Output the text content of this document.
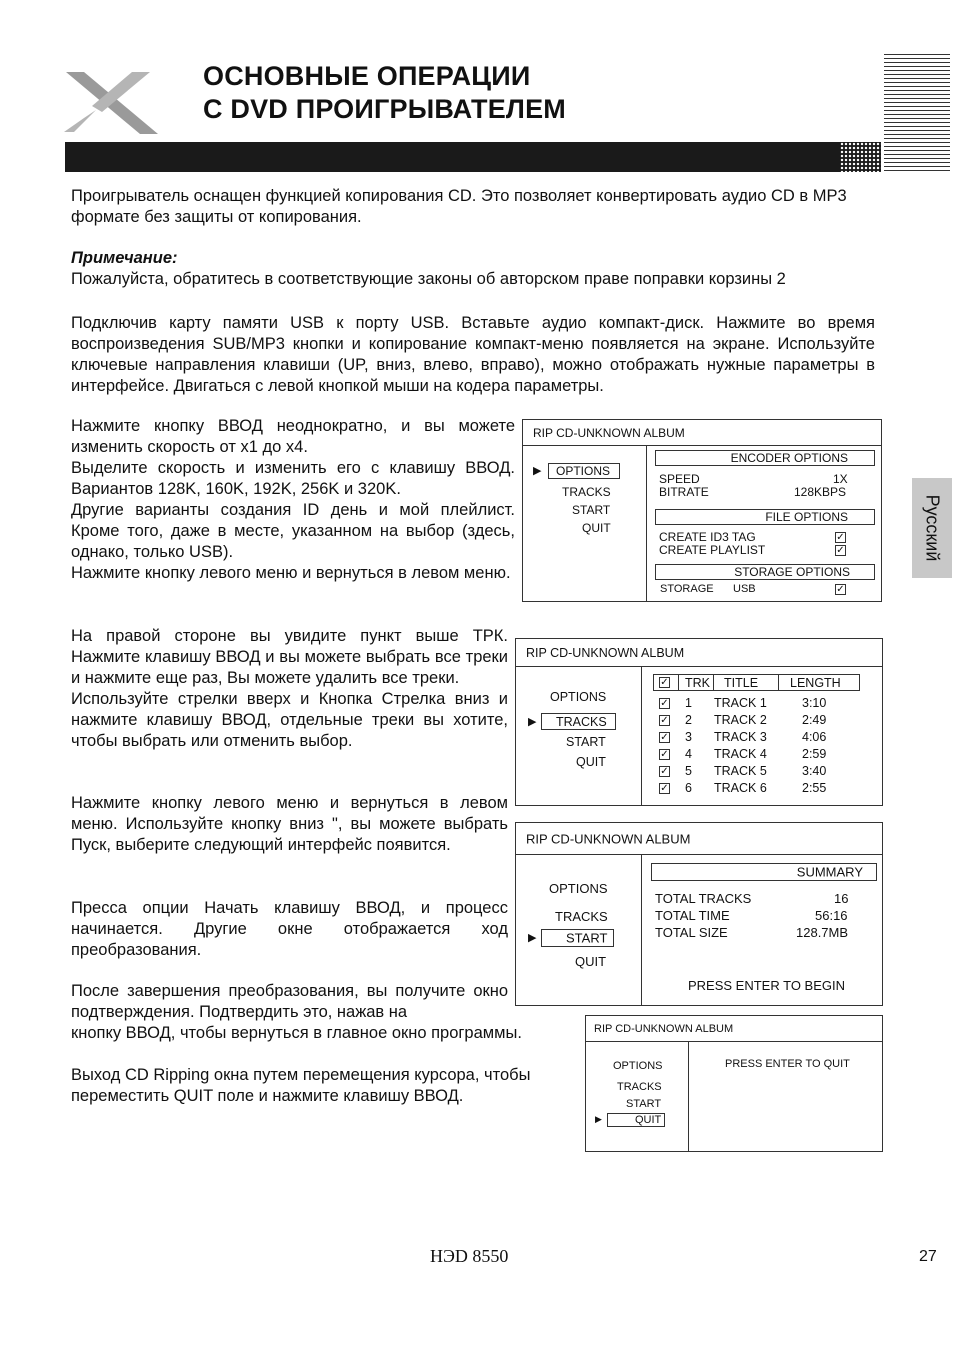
ОСНОВНЫЕ ОПЕРАЦИИ
С DVD ПРОИГРЫВАТЕЛЕМ
Проигрыватель оснащен функцией копирования CD. Это позволяет конвертировать аудио CD в MP3 формате без защиты от копирования.
Примечание:
Пожалуйста, обратитесь в соответствующие законы об авторском праве поправки корзины 2
Подключив карту памяти USB к порту USB. Вставьте аудио компакт-диск. Нажмите во время воспроизведения SUB/MP3 кнопки и копирование компакт-меню появляется на экране. Используйте ключевые направления клавиши (UP, вниз, влево, вправо), можно отображать нужные параметры в интерфейсе. Двигаться с левой кнопкой мыши на кодера параметры.
Нажмите кнопку ВВОД неоднократно, и вы можете изменить скорость от x1 до x4.
Выделите скорость и изменить его с клавишу ВВОД. Вариантов 128K, 160K, 192K, 256K и 320K.
Другие варианты создания ID день и мой плейлист. Кроме того, даже в месте, указанном на выбор (здесь, однако, только USB).
Нажмите кнопку левого меню и вернуться в левом меню.
RIP CD-UNKNOWN ALBUM
▶ OPTIONS
TRACKS
START
QUIT
ENCODER OPTIONS
SPEED	1X
BITRATE	128KBPS
FILE OPTIONS
CREATE ID3 TAG	✓
CREATE PLAYLIST	✓
STORAGE OPTIONS
STORAGE USB	✓
На правой стороне вы увидите пункт выше ТРК. Нажмите клавишу ВВОД и вы можете выбрать все треки и нажмите еще раз, Вы можете удалить все треки.
Используйте стрелки вверх и Кнопка Стрелка вниз и нажмите клавишу ВВОД, отдельные треки вы хотите, чтобы выбрать или отменить выбор.
RIP CD-UNKNOWN ALBUM
OPTIONS
▶ TRACKS
START
QUIT
✓ TRK TITLE	LENGTH
✓ 1 TRACK 1	3:10
✓ 2 TRACK 2	2:49
✓ 3 TRACK 3	4:06
✓ 4 TRACK 4	2:59
✓ 5 TRACK 5	3:40
✓ 6 TRACK 6	2:55
Нажмите кнопку левого меню и вернуться в левом меню. Используйте кнопку вниз ", вы можете выбрать Пуск, выберите следующий интерфейс появится.
Пресса опции Начать клавишу ВВОД, и процесс начинается. Другие окне отображается ход преобразования.
После завершения преобразования, вы получите окно подтверждения. Подтвердить это, нажав на
кнопку ВВОД, чтобы вернуться в главное окно программы.
Выход CD Ripping окна путем перемещения курсора, чтобы переместить QUIT поле и нажмите клавишу ВВОД.
RIP CD-UNKNOWN ALBUM
OPTIONS
TRACKS
▶ START
QUIT
SUMMARY
TOTAL TRACKS	16
TOTAL TIME	56:16
TOTAL SIZE	128.7MB
PRESS ENTER TO BEGIN
RIP CD-UNKNOWN ALBUM
OPTIONS
TRACKS
START
▶	QUIT
PRESS ENTER TO QUIT
Русский
HЭD 8550	27
